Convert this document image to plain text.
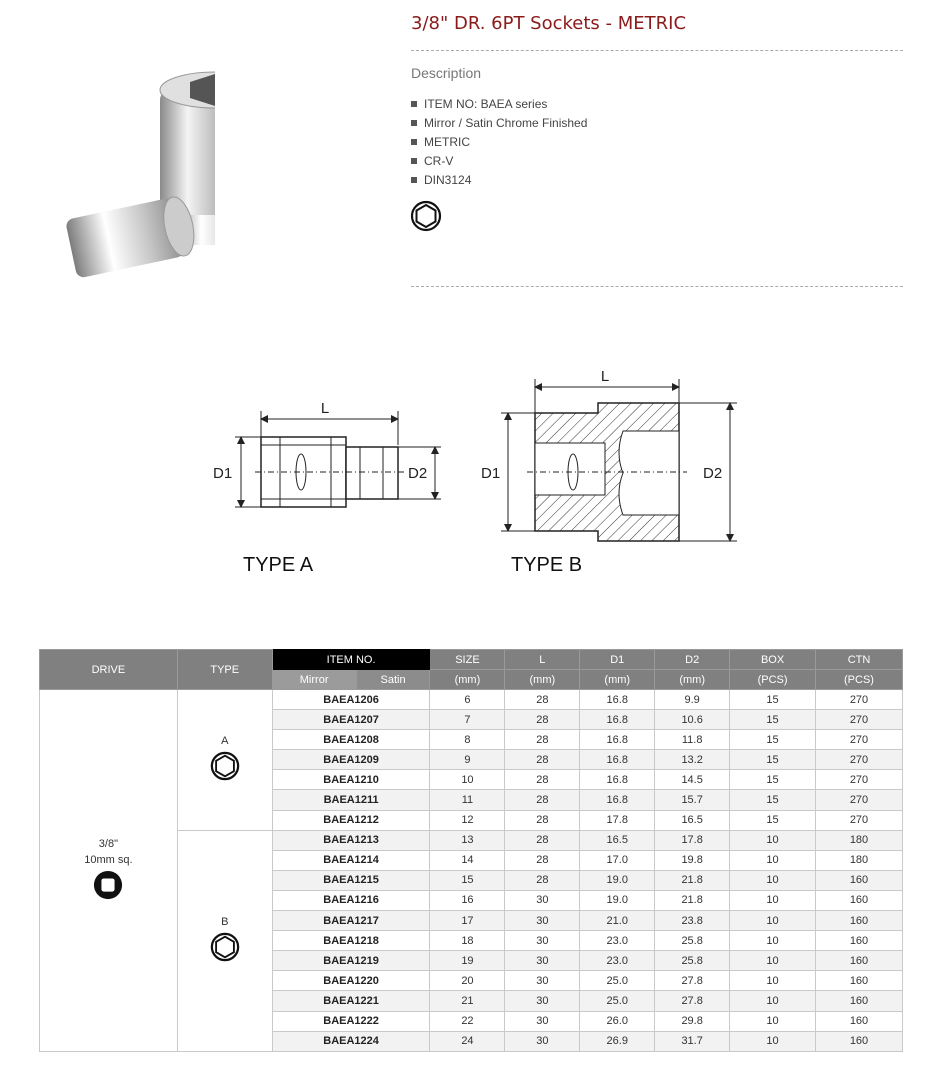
3/8" DR. 6PT Sockets - METRIC
Description
ITEM NO: BAEA series
Mirror / Satin Chrome Finished
METRIC
CR-V
DIN3124
L
D1	D2
TYPE A
L
D1	D2
TYPE B
DRIVE	TYPE	ITEM NO.		SIZE	L	D1	D2	BOX	CTN
		Mirror	Satin	(mm)	(mm)	(mm)	(mm)	(PCS)	(PCS)

3/8"
10mm sq.	A	BAEA1206		6	28	16.8	9.9	15	270
		BAEA1207		7	28	16.8	10.6	15	270
		BAEA1208		8	28	16.8	11.8	15	270
		BAEA1209		9	28	16.8	13.2	15	270
		BAEA1210		10	28	16.8	14.5	15	270
		BAEA1211		11	28	16.8	15.7	15	270
		BAEA1212		12	28	17.8	16.5	15	270

	B	BAEA1213		13	28	16.5	17.8	10	180
		BAEA1214		14	28	17.0	19.8	10	180
		BAEA1215		15	28	19.0	21.8	10	160
		BAEA1216		16	30	19.0	21.8	10	160
		BAEA1217		17	30	21.0	23.8	10	160
		BAEA1218		18	30	23.0	25.8	10	160
		BAEA1219		19	30	23.0	25.8	10	160
		BAEA1220		20	30	25.0	27.8	10	160
		BAEA1221		21	30	25.0	27.8	10	160
		BAEA1222		22	30	26.0	29.8	10	160
		BAEA1224		24	30	26.9	31.7	10	160
